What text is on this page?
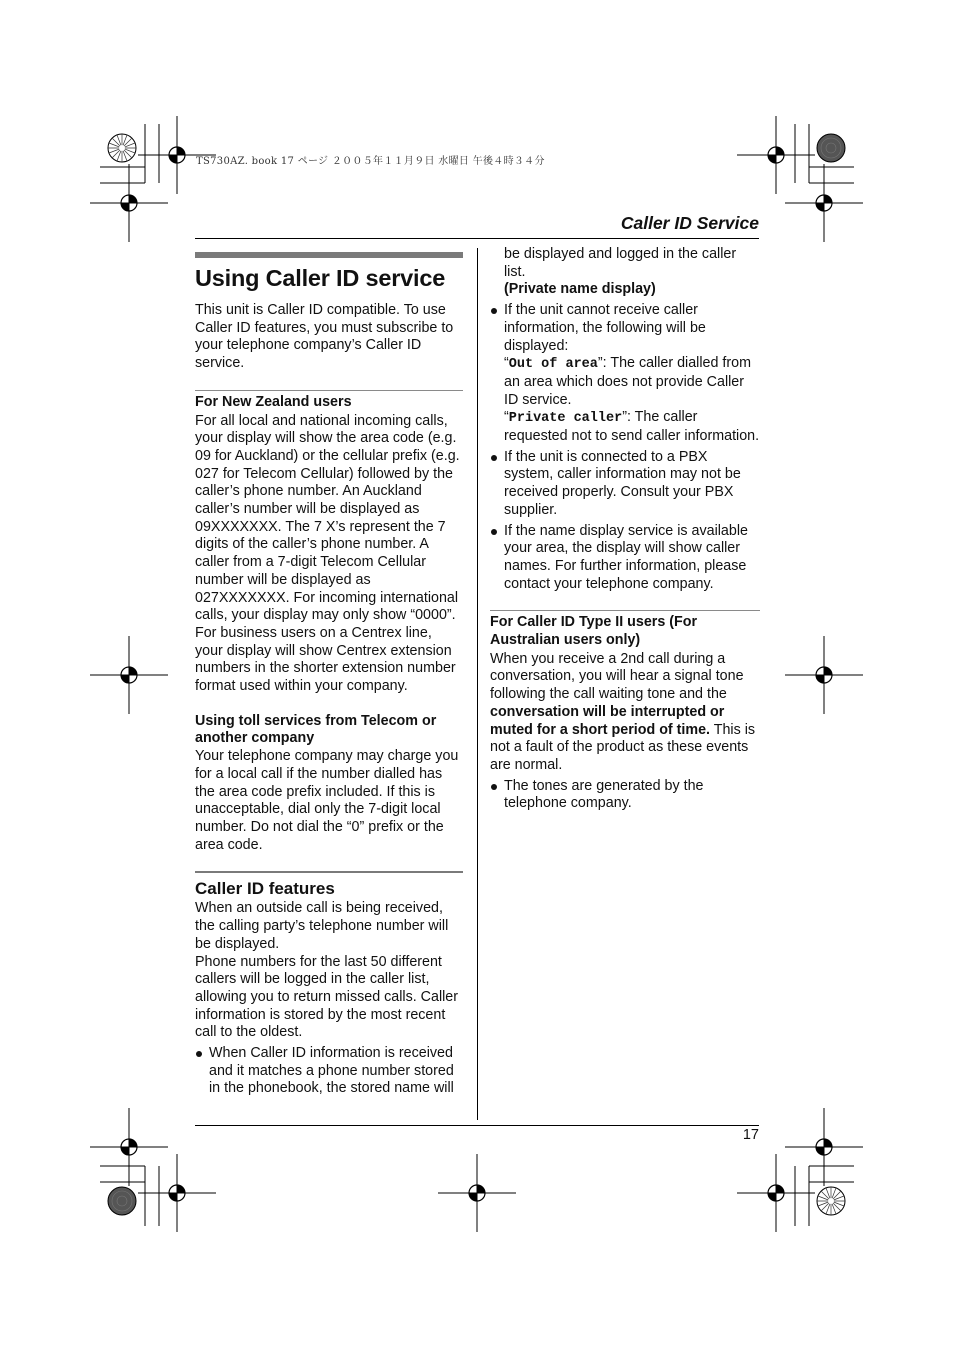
TS730AZ. book 17 ページ ２００５年１１月９日 水曜日 午後４時３４分
Caller ID Service
Using Caller ID service

This unit is Caller ID compatible. To use Caller ID features, you must subscribe to your telephone company’s Caller ID service.

For New Zealand users

For all local and national incoming calls, your display will show the area code (e.g. 09 for Auckland) or the cellular prefix (e.g. 027 for Telecom Cellular) followed by the caller’s phone number. An Auckland caller’s number will be displayed as 09XXXXXXX. The 7 X’s represent the 7 digits of the caller’s phone number. A caller from a 7-digit Telecom Cellular number will be displayed as 027XXXXXXX. For incoming international calls, your display may only show “0000”. For business users on a Centrex line, your display will show Centrex extension numbers in the shorter extension number format used within your company.

Using toll services from Telecom or another company

Your telephone company may charge you for a local call if the number dialled has the area code prefix included. If this is unacceptable, dial only the 7-digit local number. Do not dial the “0” prefix or the area code.

Caller ID features

When an outside call is being received, the calling party’s telephone number will be displayed.

Phone numbers for the last 50 different callers will be logged in the caller list, allowing you to return missed calls. Caller information is stored by the most recent call to the oldest.

When Caller ID information is received and it matches a phone number stored in the phonebook, the stored name will
be displayed and logged in the caller list.
(Private name display)
If the unit cannot receive caller information, the following will be displayed:
“Out of area”: The caller dialled from an area which does not provide Caller ID service.
“Private caller”: The caller requested not to send caller information.
If the unit is connected to a PBX system, caller information may not be received properly. Consult your PBX supplier.
If the name display service is available your area, the display will show caller names. For further information, please contact your telephone company.
For Caller ID Type II users (For Australian users only)

When you receive a 2nd call during a conversation, you will hear a signal tone following the call waiting tone and the conversation will be interrupted or muted for a short period of time. This is not a fault of the product as these events are normal.

The tones are generated by the telephone company.
17
